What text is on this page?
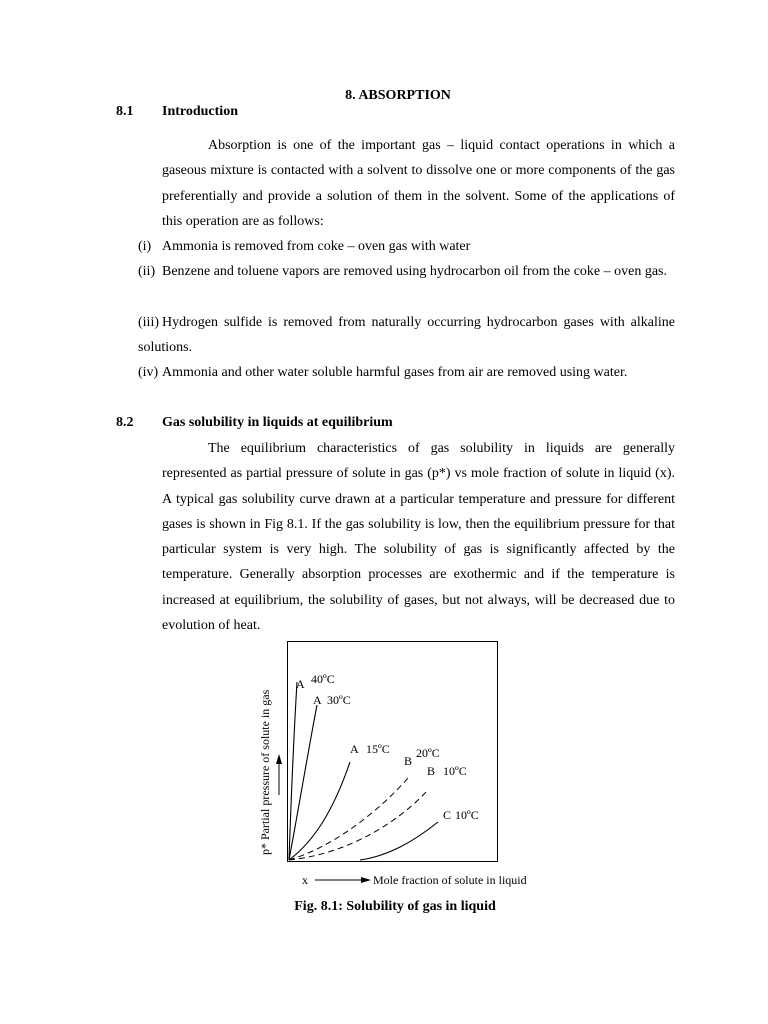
8. ABSORPTION
8.1 Introduction
Absorption is one of the important gas – liquid contact operations in which a gaseous mixture is contacted with a solvent to dissolve one or more components of the gas preferentially and provide a solution of them in the solvent. Some of the applications of this operation are as follows:
(i) Ammonia is removed from coke – oven gas with water
(ii) Benzene and toluene vapors are removed using hydrocarbon oil from the coke – oven gas.
(iii) Hydrogen sulfide is removed from naturally occurring hydrocarbon gases with alkaline solutions.
(iv) Ammonia and other water soluble harmful gases from air are removed using water.
8.2 Gas solubility in liquids at equilibrium
The equilibrium characteristics of gas solubility in liquids are generally represented as partial pressure of solute in gas (p*) vs mole fraction of solute in liquid (x). A typical gas solubility curve drawn at a particular temperature and pressure for different gases is shown in Fig 8.1. If the gas solubility is low, then the equilibrium pressure for that particular system is very high. The solubility of gas is significantly affected by the temperature. Generally absorption processes are exothermic and if the temperature is increased at equilibrium, the solubility of gases, but not always, will be decreased due to evolution of heat.
A 40ºC
A 30ºC
A 15ºC
B
20ºC
B 10ºC
C 10ºC
p* Partial pressure of solute in gas
x	Mole fraction of solute in liquid
Fig. 8.1: Solubility of gas in liquid
